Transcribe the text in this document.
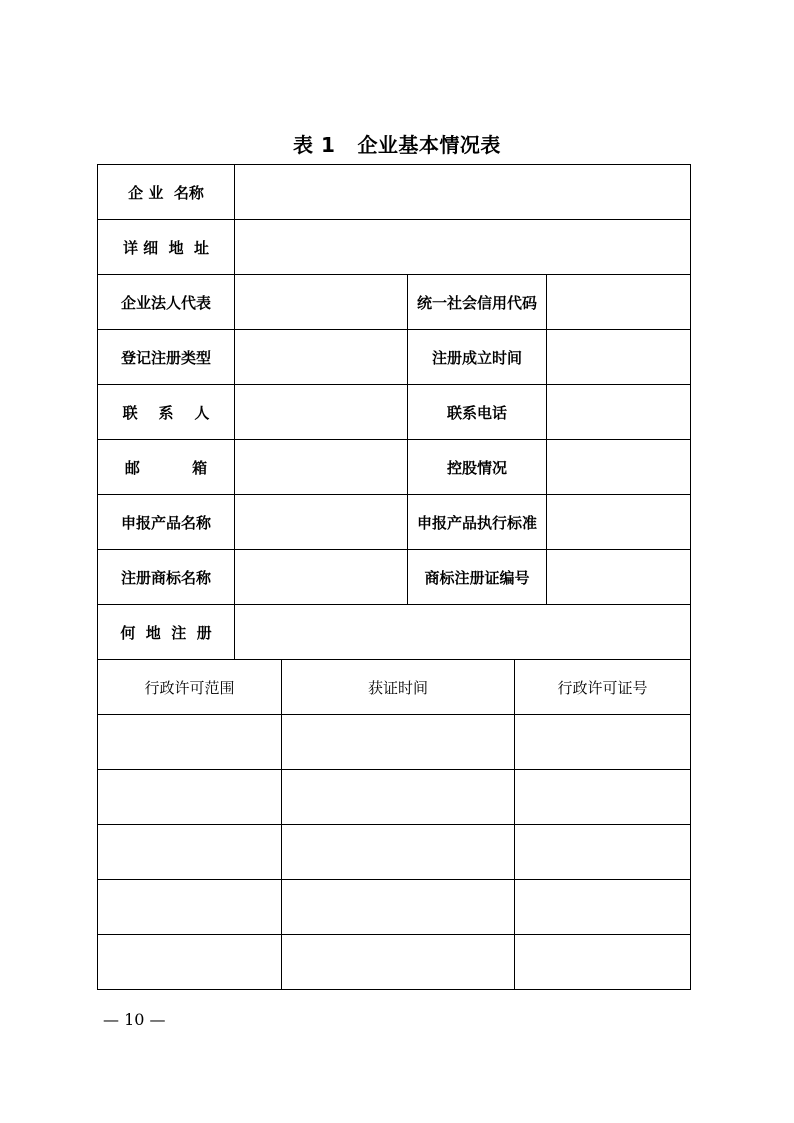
表 1 企业基本情况表
企 业  名称			
详 细  地  址			
企业法人代表		统一社会信用代码	
登记注册类型		注册成立时间	
联    系    人		联系电话	
邮          箱		控股情况	
申报产品名称		申报产品执行标准	
注册商标名称		商标注册证编号	
何  地  注  册			
行政许可范围	获证时间	行政许可证号

— 10 —
